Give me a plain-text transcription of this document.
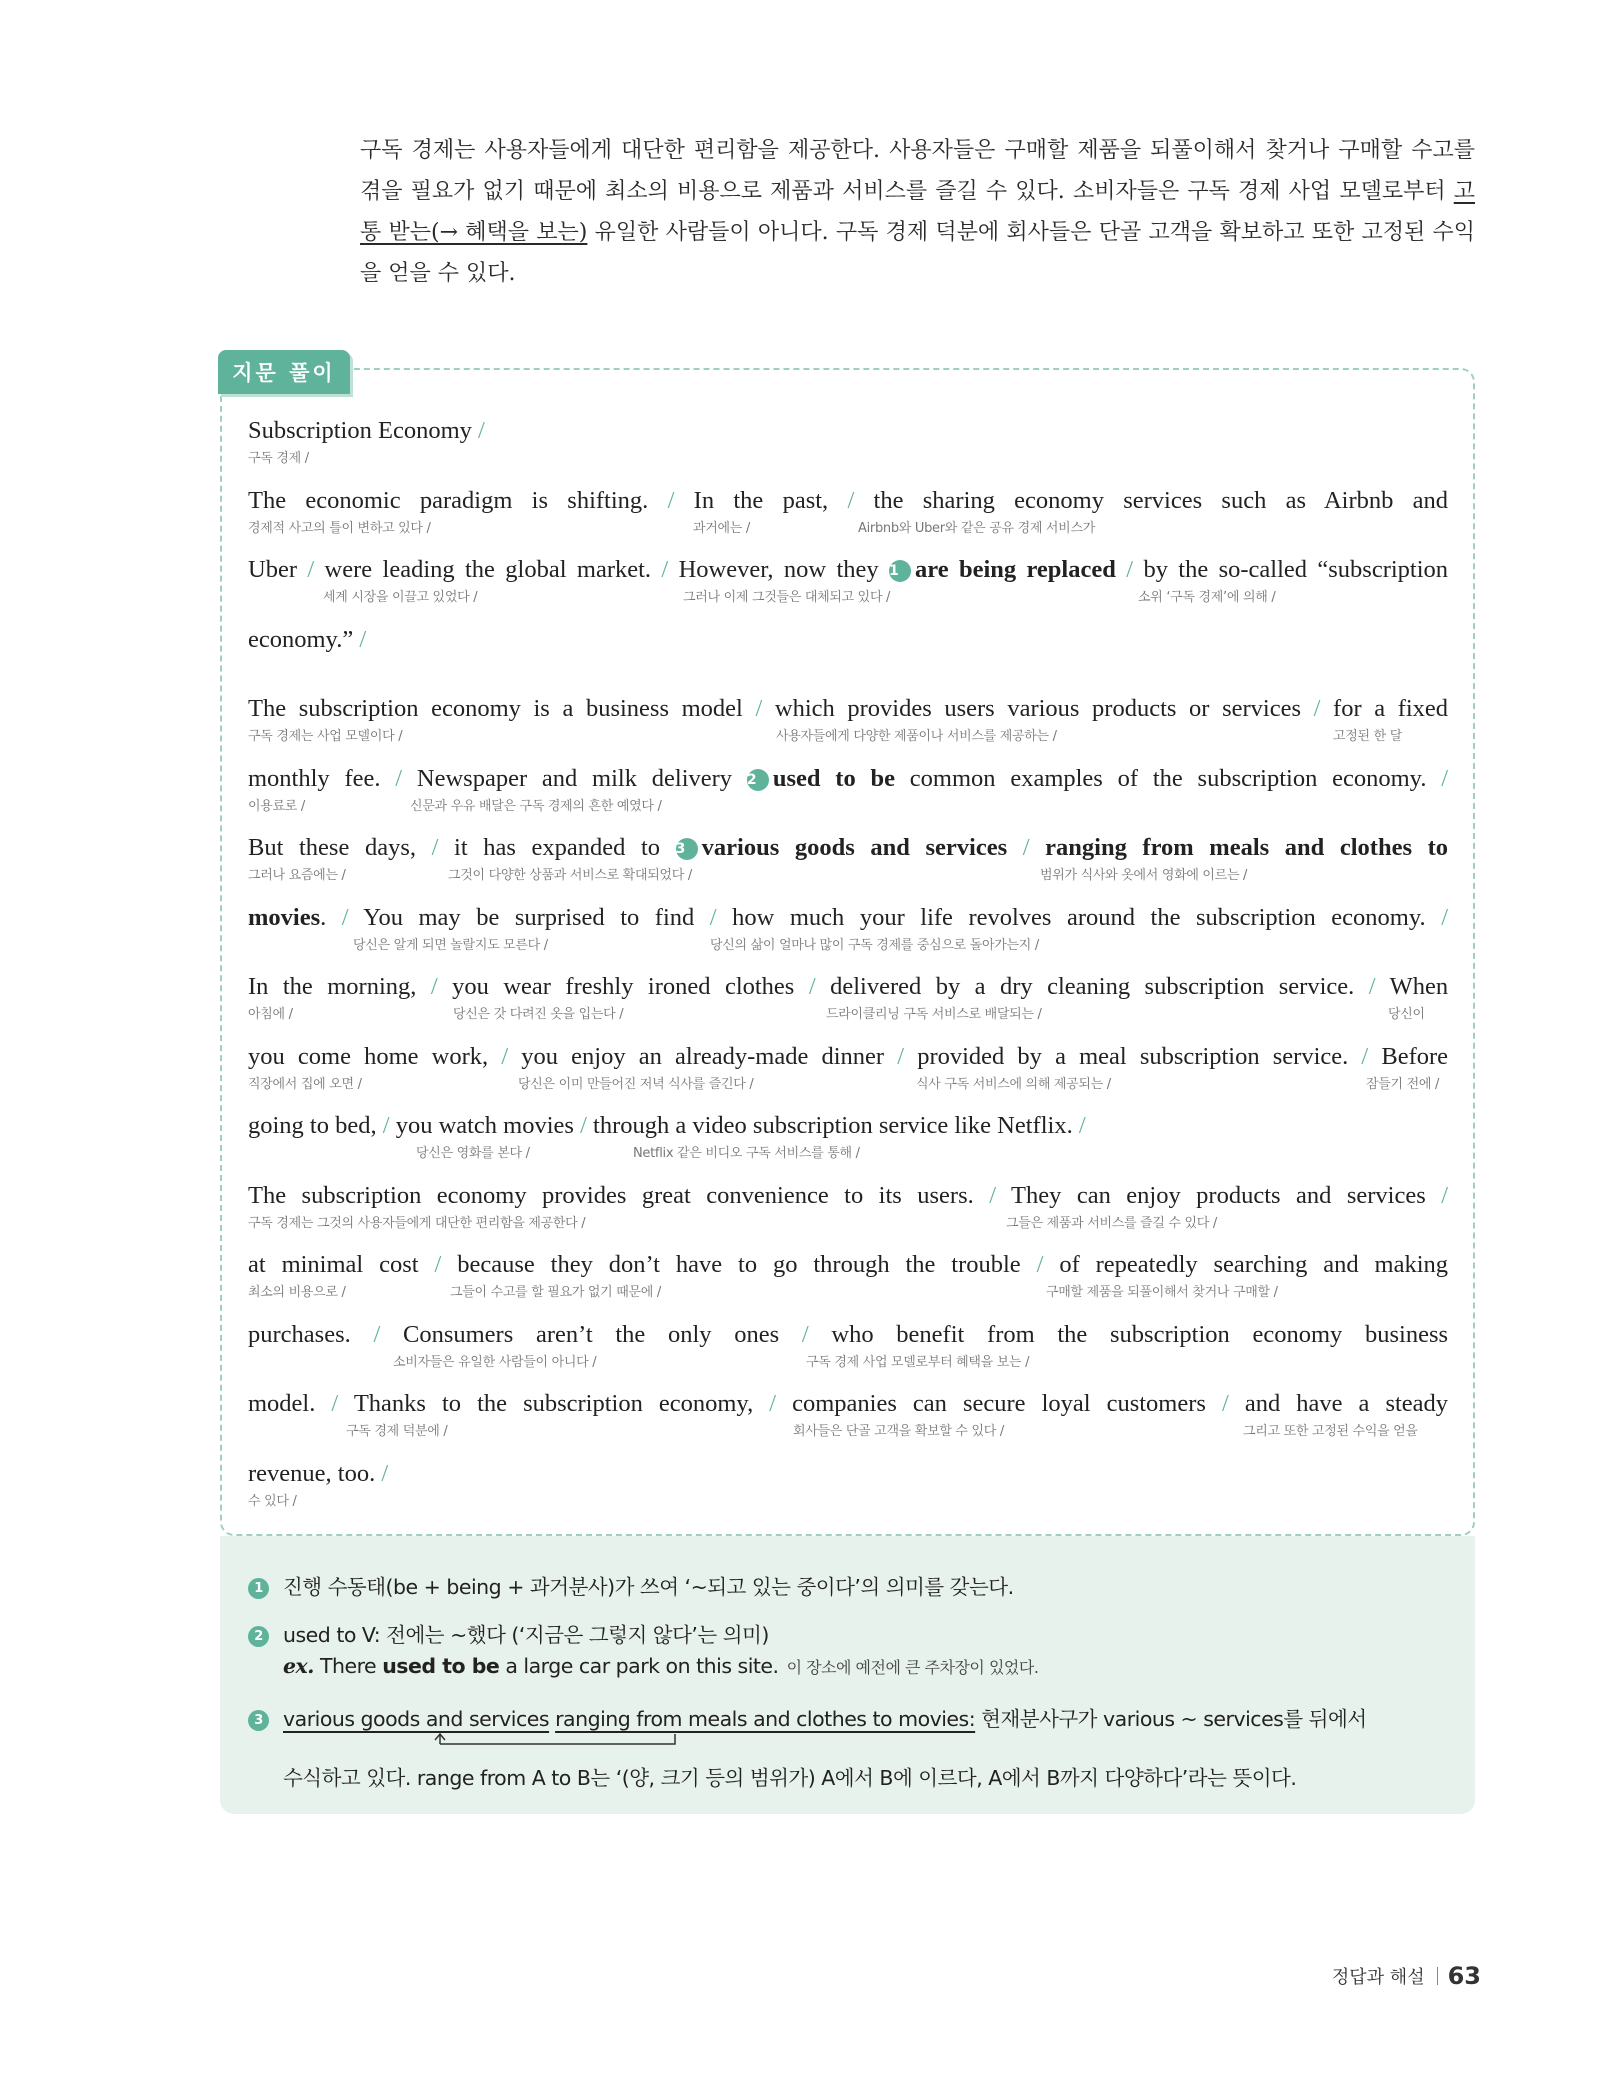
구독 경제는 사용자들에게 대단한 편리함을 제공한다. 사용자들은 구매할 제품을 되풀이해서 찾거나 구매할 수고를 겪을 필요가 없기 때문에 최소의 비용으로 제품과 서비스를 즐길 수 있다. 소비자들은 구독 경제 사업 모델로부터 고통 받는(→ 혜택을 보는) 유일한 사람들이 아니다. 구독 경제 덕분에 회사들은 단골 고객을 확보하고 또한 고정된 수익을 얻을 수 있다.

지문 풀이
Subscription Economy /
구독 경제 /
The economic paradigm is shifting. / In the past, / the sharing economy services such as Airbnb and
경제적 사고의 틀이 변하고 있다 /	과거에는 /	Airbnb와 Uber와 같은 공유 경제 서비스가
Uber / were leading the global market. / However, now they 1 are being replaced / by the so-called “subscription
세계 시장을 이끌고 있었다 /	그러나 이제 그것들은 대체되고 있다 /	소위 ‘구독 경제’에 의해 /
economy.” /
The subscription economy is a business model / which provides users various products or services / for a fixed
구독 경제는 사업 모델이다 /	사용자들에게 다양한 제품이나 서비스를 제공하는 /	고정된 한 달
monthly fee. / Newspaper and milk delivery 2 used to be common examples of the subscription economy. /
이용료로 /	신문과 우유 배달은 구독 경제의 흔한 예였다 /
But these days, / it has expanded to 3 various goods and services / ranging from meals and clothes to
그러나 요즘에는 /	그것이 다양한 상품과 서비스로 확대되었다 /	범위가 식사와 옷에서 영화에 이르는 /
movies. / You may be surprised to find / how much your life revolves around the subscription economy. /
당신은 알게 되면 놀랄지도 모른다 /	당신의 삶이 얼마나 많이 구독 경제를 중심으로 돌아가는지 /
In the morning, / you wear freshly ironed clothes / delivered by a dry cleaning subscription service. / When
아침에 /	당신은 갓 다려진 옷을 입는다 /	드라이클리닝 구독 서비스로 배달되는 /	당신이
you come home work, / you enjoy an already-made dinner / provided by a meal subscription service. / Before
직장에서 집에 오면 /	당신은 이미 만들어진 저녁 식사를 즐긴다 /	식사 구독 서비스에 의해 제공되는 /	잠들기 전에 /
going to bed, / you watch movies / through a video subscription service like Netflix. /
당신은 영화를 본다 /	Netflix 같은 비디오 구독 서비스를 통해 /
The subscription economy provides great convenience to its users. / They can enjoy products and services /
구독 경제는 그것의 사용자들에게 대단한 편리함을 제공한다 /	그들은 제품과 서비스를 즐길 수 있다 /
at minimal cost / because they don’t have to go through the trouble / of repeatedly searching and making
최소의 비용으로 /	그들이 수고를 할 필요가 없기 때문에 /	구매할 제품을 되풀이해서 찾거나 구매할 /
purchases. / Consumers aren’t the only ones / who benefit from the subscription economy business
소비자들은 유일한 사람들이 아니다 /	구독 경제 사업 모델로부터 혜택을 보는 /
model. / Thanks to the subscription economy, / companies can secure loyal customers / and have a steady
구독 경제 덕분에 /	회사들은 단골 고객을 확보할 수 있다 /	그리고 또한 고정된 수익을 얻을
revenue, too. /
수 있다 /
1 진행 수동태(be + being + 과거분사)가 쓰여 ‘~되고 있는 중이다’의 의미를 갖는다.
2 used to V: 전에는 ~했다 (‘지금은 그렇지 않다’는 의미)
ex. There used to be a large car park on this site. 이 장소에 예전에 큰 주차장이 있었다.
3 various goods and services ranging from meals and clothes to movies: 현재분사구가 various ~ services를 뒤에서
수식하고 있다. range from A to B는 ‘(양, 크기 등의 범위가) A에서 B에 이르다, A에서 B까지 다양하다’라는 뜻이다.
정답과 해설 63
